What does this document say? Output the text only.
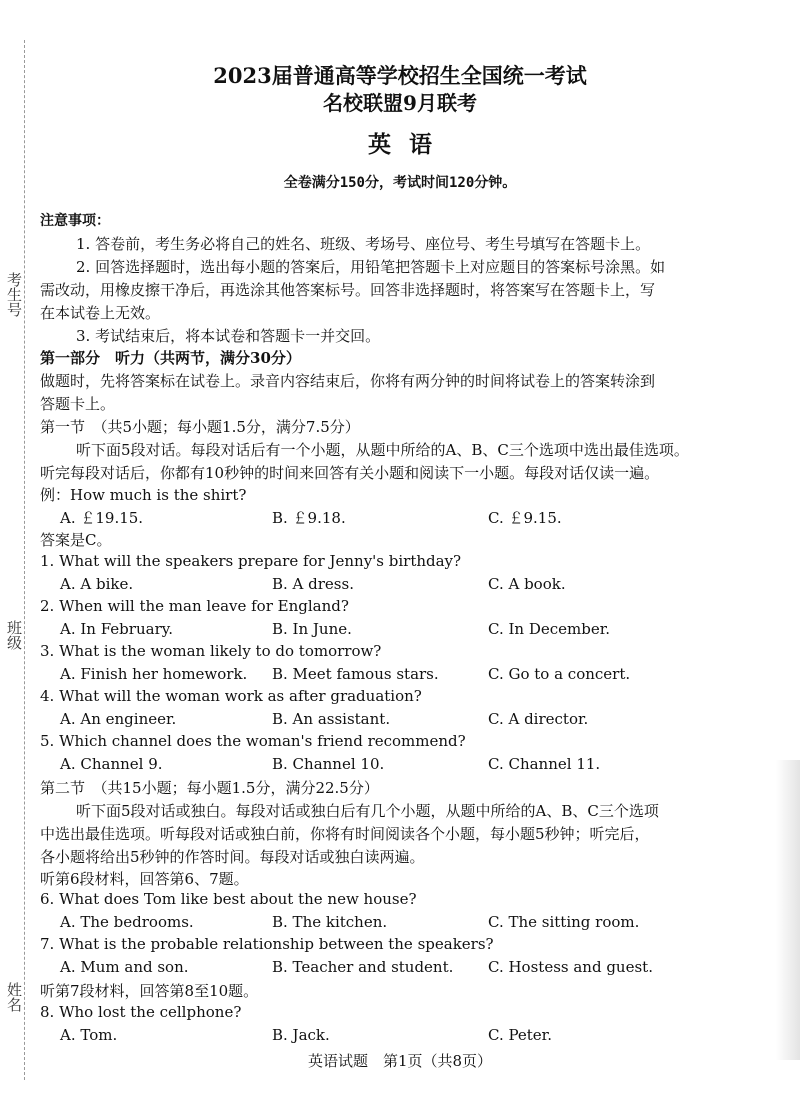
考生号
班级
姓名
2023届普通高等学校招生全国统一考试
名校联盟9月联考
英语
全卷满分150分，考试时间120分钟。
注意事项：
1. 答卷前，考生务必将自己的姓名、班级、考场号、座位号、考生号填写在答题卡上。
2. 回答选择题时，选出每小题的答案后，用铅笔把答题卡上对应题目的答案标号涂黑。如
需改动，用橡皮擦干净后，再选涂其他答案标号。回答非选择题时，将答案写在答题卡上，写
在本试卷上无效。
3. 考试结束后，将本试卷和答题卡一并交回。
第一部分　听力（共两节，满分30分）
做题时，先将答案标在试卷上。录音内容结束后，你将有两分钟的时间将试卷上的答案转涂到
答题卡上。
第一节　（共5小题；每小题1.5分，满分7.5分）
听下面5段对话。每段对话后有一个小题，从题中所给的A、B、C三个选项中选出最佳选项。
听完每段对话后，你都有10秒钟的时间来回答有关小题和阅读下一小题。每段对话仅读一遍。
例：How much is the shirt?
A. ￡19.15.	B. ￡9.18.	C. ￡9.15.
答案是C。
1. What will the speakers prepare for Jenny's birthday?
A. A bike.	B. A dress.	C. A book.
2. When will the man leave for England?
A. In February.	B. In June.	C. In December.
3. What is the woman likely to do tomorrow?
A. Finish her homework. B. Meet famous stars.	C. Go to a concert.
4. What will the woman work as after graduation?
A. An engineer.	B. An assistant.	C. A director.
5. Which channel does the woman's friend recommend?
A. Channel 9.	B. Channel 10.	C. Channel 11.
第二节　（共15小题；每小题1.5分，满分22.5分）
听下面5段对话或独白。每段对话或独白后有几个小题，从题中所给的A、B、C三个选项
中选出最佳选项。听每段对话或独白前，你将有时间阅读各个小题，每小题5秒钟；听完后，
各小题将给出5秒钟的作答时间。每段对话或独白读两遍。
听第6段材料，回答第6、7题。
6. What does Tom like best about the new house?
A. The bedrooms.	B. The kitchen.	C. The sitting room.
7. What is the probable relationship between the speakers?
A. Mum and son.	B. Teacher and student. C. Hostess and guest.
听第7段材料，回答第8至10题。
8. Who lost the cellphone?
A. Tom.	B. Jack.	C. Peter.
英语试题　第1页（共8页）
